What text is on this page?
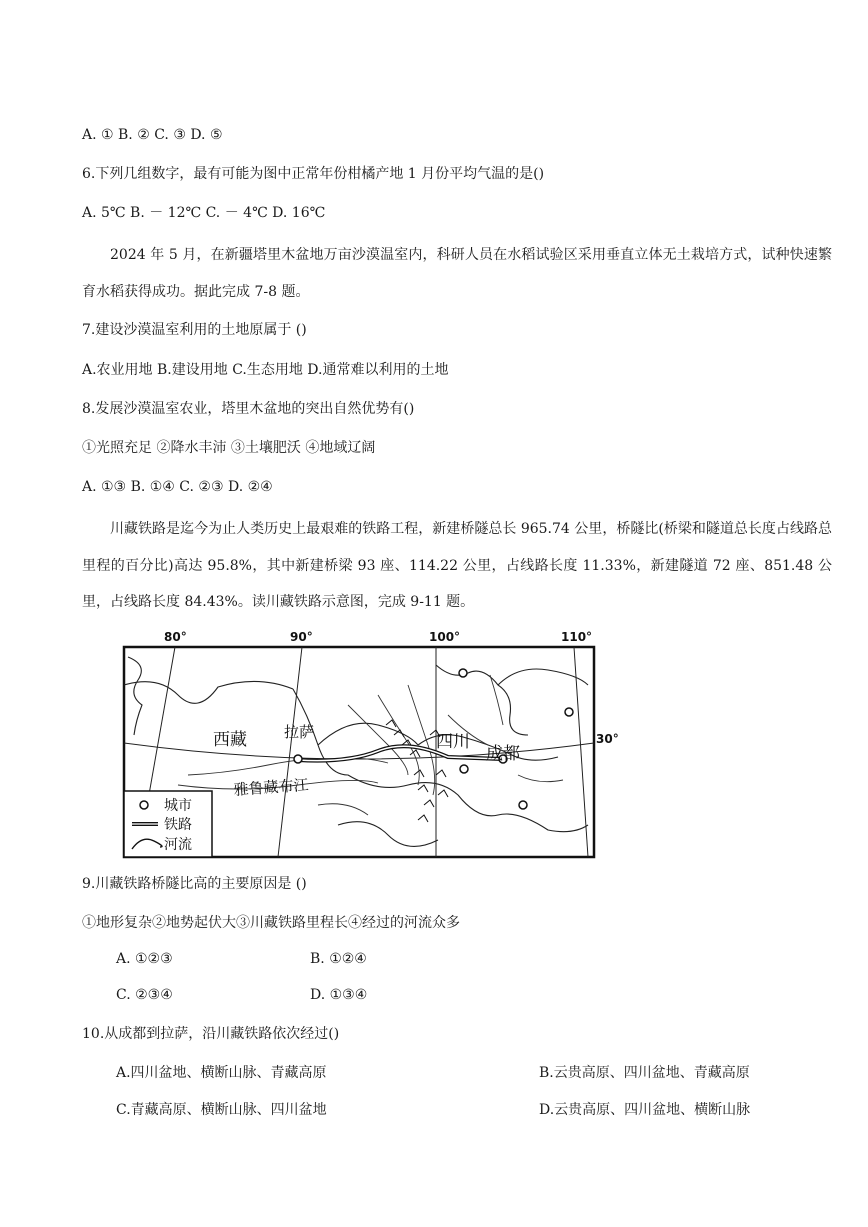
A. ① B. ② C. ③ D. ⑤
6.下列几组数字，最有可能为图中正常年份柑橘产地 1 月份平均气温的是()
A. 5℃ B. － 12℃ C. － 4℃ D. 16℃
2024 年 5 月，在新疆塔里木盆地万亩沙漠温室内，科研人员在水稻试验区采用垂直立体无土栽培方式，试种快速繁育水稻获得成功。据此完成 7-8 题。
7.建设沙漠温室利用的土地原属于 ()
A.农业用地 B.建设用地 C.生态用地 D.通常难以利用的土地
8.发展沙漠温室农业，塔里木盆地的突出自然优势有()
①光照充足 ②降水丰沛 ③土壤肥沃 ④地域辽阔
A. ①③ B. ①④ C. ②③ D. ②④
川藏铁路是迄今为止人类历史上最艰难的铁路工程，新建桥隧总长 965.74 公里，桥隧比(桥梁和隧道总长度占线路总里程的百分比)高达 95.8%，其中新建桥梁 93 座、114.22 公里，占线路长度 11.33%，新建隧道 72 座、851.48 公里，占线路长度 84.43%。读川藏铁路示意图，完成 9-11 题。
80°	90°	100°	110°
30°
西藏 拉萨	四川
成都
雅鲁藏布江
城市
铁路
河流
9.川藏铁路桥隧比高的主要原因是 ()
①地形复杂②地势起伏大③川藏铁路里程长④经过的河流众多
A. ①②③	B. ①②④
C. ②③④	D. ①③④
10.从成都到拉萨，沿川藏铁路依次经过()
A.四川盆地、横断山脉、青藏高原	B.云贵高原、四川盆地、青藏高原
C.青藏高原、横断山脉、四川盆地	D.云贵高原、四川盆地、横断山脉
